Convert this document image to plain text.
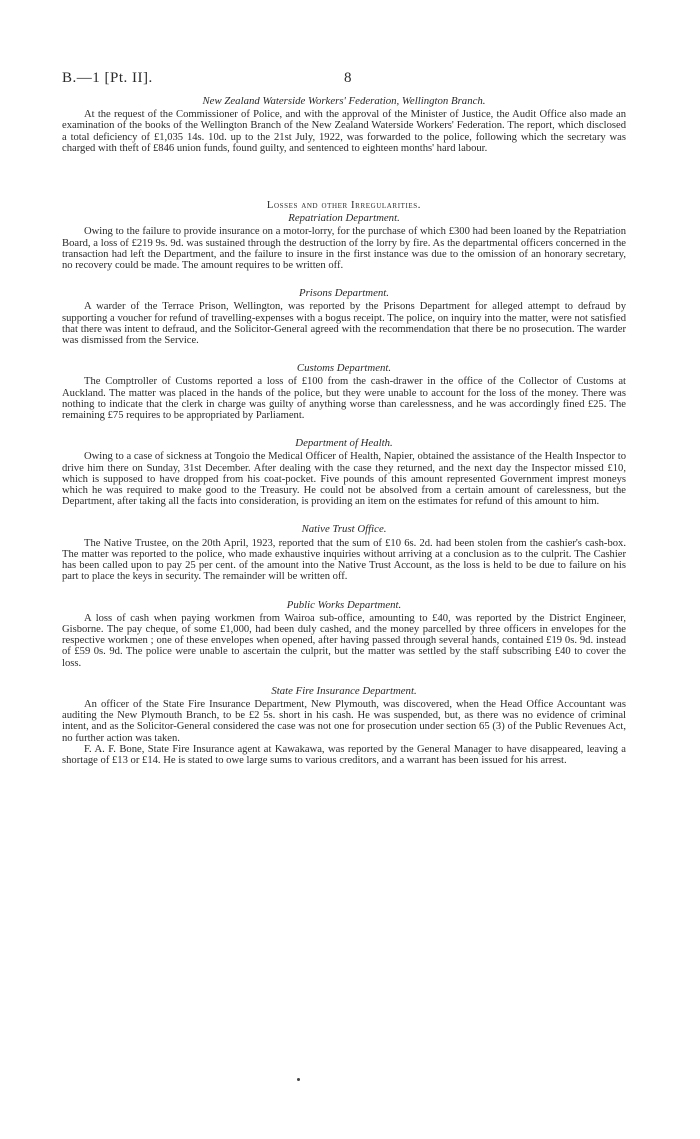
B.—1 [Pt. II].	8

New Zealand Waterside Workers' Federation, Wellington Branch.

At the request of the Commissioner of Police, and with the approval of the Minister of Justice, the Audit Office also made an examination of the books of the Wellington Branch of the New Zealand Waterside Workers' Federation. The report, which disclosed a total deficiency of £1,035 14s. 10d. up to the 21st July, 1922, was forwarded to the police, following which the secretary was charged with theft of £846 union funds, found guilty, and sentenced to eighteen months' hard labour.

Losses and other Irregularities.

Repatriation Department.

Owing to the failure to provide insurance on a motor-lorry, for the purchase of which £300 had been loaned by the Repatriation Board, a loss of £219 9s. 9d. was sustained through the destruction of the lorry by fire. As the departmental officers concerned in the transaction had left the Department, and the failure to insure in the first instance was due to the omission of an honorary secretary, no recovery could be made. The amount requires to be written off.

Prisons Department.

A warder of the Terrace Prison, Wellington, was reported by the Prisons Department for alleged attempt to defraud by supporting a voucher for refund of travelling-expenses with a bogus receipt. The police, on inquiry into the matter, were not satisfied that there was intent to defraud, and the Solicitor-General agreed with the recommendation that there be no prosecution. The warder was dismissed from the Service.

Customs Department.

The Comptroller of Customs reported a loss of £100 from the cash-drawer in the office of the Collector of Customs at Auckland. The matter was placed in the hands of the police, but they were unable to account for the loss of the money. There was nothing to indicate that the clerk in charge was guilty of anything worse than carelessness, and he was accordingly fined £25. The remaining £75 requires to be appropriated by Parliament.

Department of Health.

Owing to a case of sickness at Tongoio the Medical Officer of Health, Napier, obtained the assistance of the Health Inspector to drive him there on Sunday, 31st December. After dealing with the case they returned, and the next day the Inspector missed £10, which is supposed to have dropped from his coat-pocket. Five pounds of this amount represented Government imprest moneys which he was required to make good to the Treasury. He could not be absolved from a certain amount of carelessness, but the Department, after taking all the facts into consideration, is providing an item on the estimates for refund of this amount to him.

Native Trust Office.

The Native Trustee, on the 20th April, 1923, reported that the sum of £10 6s. 2d. had been stolen from the cashier's cash-box. The matter was reported to the police, who made exhaustive inquiries without arriving at a conclusion as to the culprit. The Cashier has been called upon to pay 25 per cent. of the amount into the Native Trust Account, as the loss is held to be due to failure on his part to place the keys in security. The remainder will be written off.

Public Works Department.

A loss of cash when paying workmen from Wairoa sub-office, amounting to £40, was reported by the District Engineer, Gisborne. The pay cheque, of some £1,000, had been duly cashed, and the money parcelled by three officers in envelopes for the respective workmen ; one of these envelopes when opened, after having passed through several hands, contained £19 0s. 9d. instead of £59 0s. 9d. The police were unable to ascertain the culprit, but the matter was settled by the staff subscribing £40 to cover the loss.

State Fire Insurance Department.

An officer of the State Fire Insurance Department, New Plymouth, was discovered, when the Head Office Accountant was auditing the New Plymouth Branch, to be £2 5s. short in his cash. He was suspended, but, as there was no evidence of criminal intent, and as the Solicitor-General considered the case was not one for prosecution under section 65 (3) of the Public Revenues Act, no further action was taken.

F. A. F. Bone, State Fire Insurance agent at Kawakawa, was reported by the General Manager to have disappeared, leaving a shortage of £13 or £14. He is stated to owe large sums to various creditors, and a warrant has been issued for his arrest.
